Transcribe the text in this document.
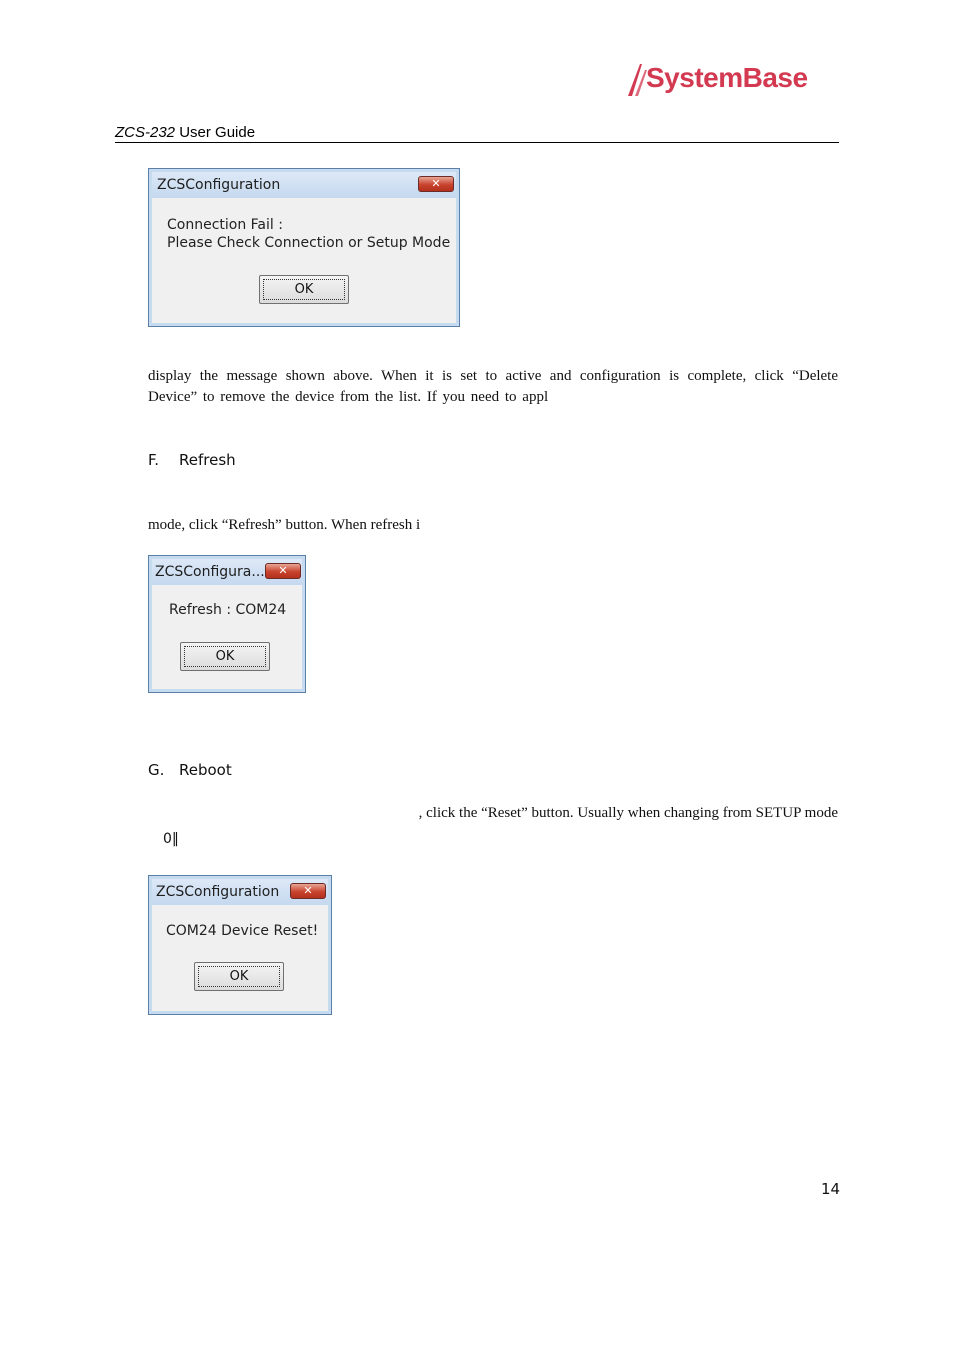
SystemBase
ZCS-232 User Guide
ZCSConfiguration	✕
Connection Fail :
Please Check Connection or Setup Mode
OK
display the message shown above. When it is set to active and configuration is complete, click “Delete
Device” to remove the device from the list. If you need to appl
F. Refresh
mode, click “Refresh” button. When refresh i
ZCSConfigura...	✕
Refresh : COM24
OK
G. Reboot
, click the “Reset” button. Usually when changing from SETUP mode
0‖
ZCSConfiguration	✕
COM24 Device Reset!
OK
14
